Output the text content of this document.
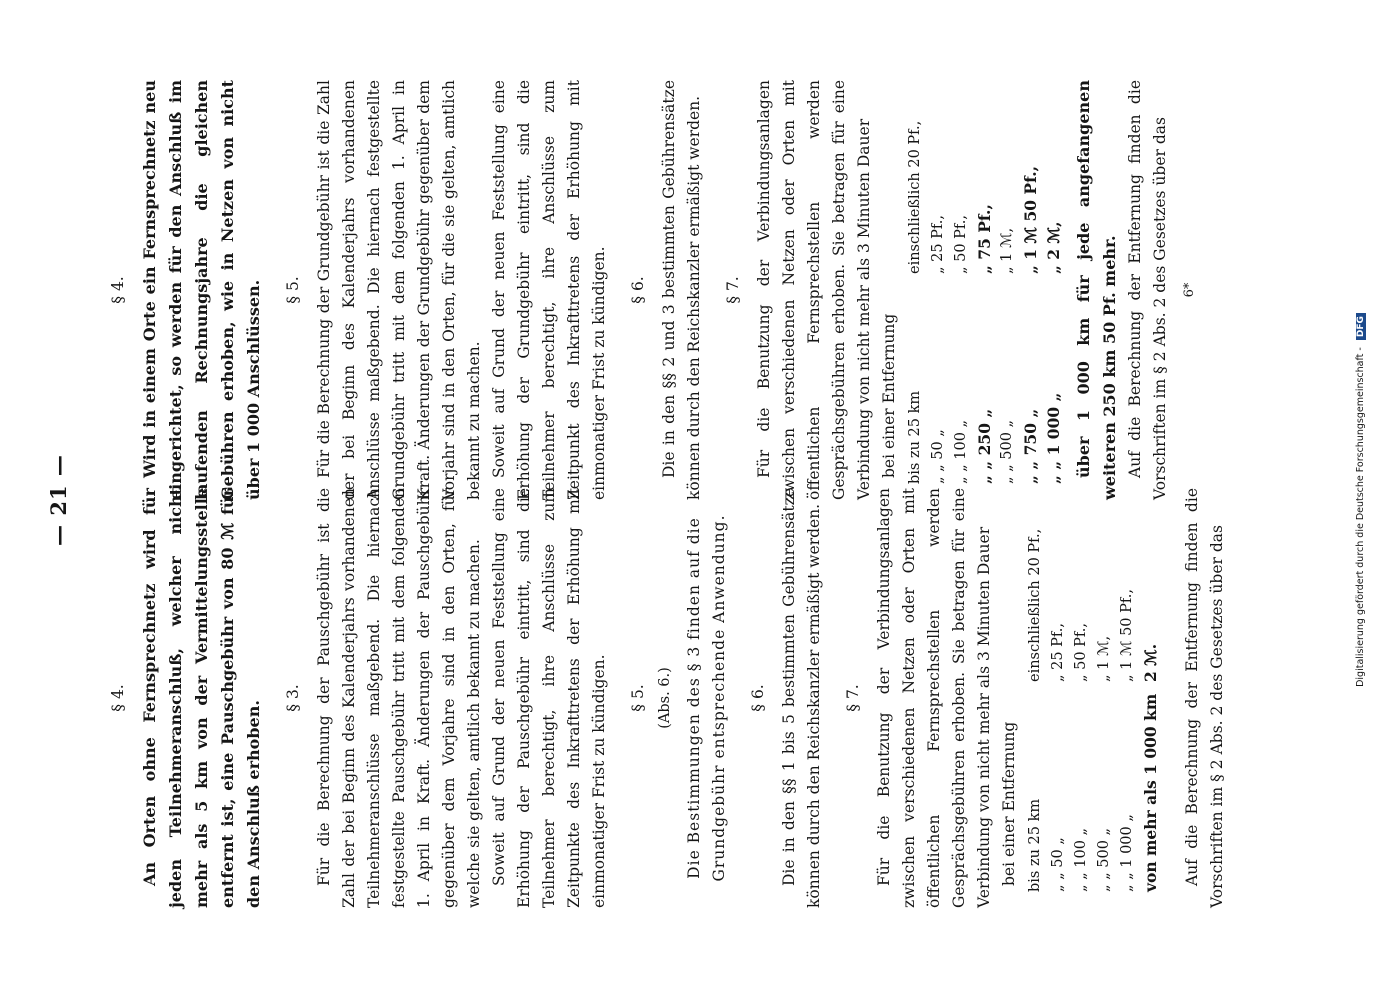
— 21 —
§ 4. An Orten ohne Fernsprechnetz wird für jeden Teilnehmeranschluß, welcher nicht mehr als 5 km von der Vermittelungsstelle entfernt ist, eine Pauschgebühr von 80 ℳ für den Anschluß erhoben.

§ 3. Für die Berechnung der Pauschgebühr ist die Zahl der bei Beginn des Kalenderjahrs vorhandenen Teilnehmeranschlüsse maßgebend. Die hiernach festgestellte Pauschgebühr tritt mit dem folgenden 1. April in Kraft. Änderungen der Pauschgebühr gegenüber dem Vorjahre sind in den Orten, für welche sie gelten, amtlich bekannt zu machen. Soweit auf Grund der neuen Feststellung eine Erhöhung der Pauschgebühr eintritt, sind die Teilnehmer berechtigt, ihre Anschlüsse zum Zeitpunkte des Inkrafttretens der Erhöhung mit einmonatiger Frist zu kündigen. § 5. (Abs. 6.) Die Bestimmungen des § 3 finden auf die Grundgebühr entsprechende Anwendung. § 6. Die in den §§ 1 bis 5 bestimmten Gebührensätze können durch den Reichskanzler ermäßigt werden. § 7. Für die Benutzung der Verbindungsanlagen zwischen verschiedenen Netzen oder Orten mit öffentlichen Fernsprechstellen werden Gesprächsgebühren erhoben. Sie betragen für eine Verbindung von nicht mehr als 3 Minuten Dauer bei einer Entfernung bis zu 25 km
einschließlich 20 Pf.,
„ „ 50 „
„ 25 Pf.,
„ „ 100 „
„ 50 Pf.,
„ „ 500 „
„ 1 ℳ,
„ „ 1 000 „
„ 1 ℳ 50 Pf.,
von mehr als 1 000 km
2 ℳ. Auf die Berechnung der Entfernung finden die Vorschriften im § 2 Abs. 2 des Gesetzes über das

§ 4. Wird in einem Orte ein Fernsprechnetz neu eingerichtet, so werden für den Anschluß im laufenden Rechnungsjahre die gleichen Gebühren erhoben, wie in Netzen von nicht über 1 000 Anschlüssen. § 5. Für die Berechnung der Grundgebühr ist die Zahl der bei Beginn des Kalenderjahrs vorhandenen Anschlüsse maßgebend. Die hiernach festgestellte Grundgebühr tritt mit dem folgenden 1. April in Kraft. Änderungen der Grundgebühr gegenüber dem Vorjahr sind in den Orten, für die sie gelten, amtlich bekannt zu machen. Soweit auf Grund der neuen Feststellung eine Erhöhung der Grundgebühr eintritt, sind die Teilnehmer berechtigt, ihre Anschlüsse zum Zeitpunkt des Inkrafttretens der Erhöhung mit einmonatiger Frist zu kündigen. § 6. Die in den §§ 2 und 3 bestimmten Gebührensätze können durch den Reichskanzler ermäßigt werden. § 7. Für die Benutzung der Verbindungsanlagen zwischen verschiedenen Netzen oder Orten mit öffentlichen Fernsprechstellen werden Gesprächsgebühren erhoben. Sie betragen für eine Verbindung von nicht mehr als 3 Minuten Dauer bei einer Entfernung bis zu 25 km
einschließlich 20 Pf.,
„ „ 50 „
„ 25 Pf.,
„ „ 100 „
„ 50 Pf.,
„ „ 250 „
„ 75 Pf.,
„ „ 500 „
„ 1 ℳ,
„ „ 750 „
„ 1 ℳ 50 Pf.,
„ „ 1 000 „
„ 2 ℳ, über 1 000 km für jede angefangenen weiteren 250 km 50 Pf. mehr. Auf die Berechnung der Entfernung finden die Vorschriften im § 2 Abs. 2 des Gesetzes über das	6*
Digitalisierung gefördert durch die Deutsche Forschungsgemeinschaft - DFG
